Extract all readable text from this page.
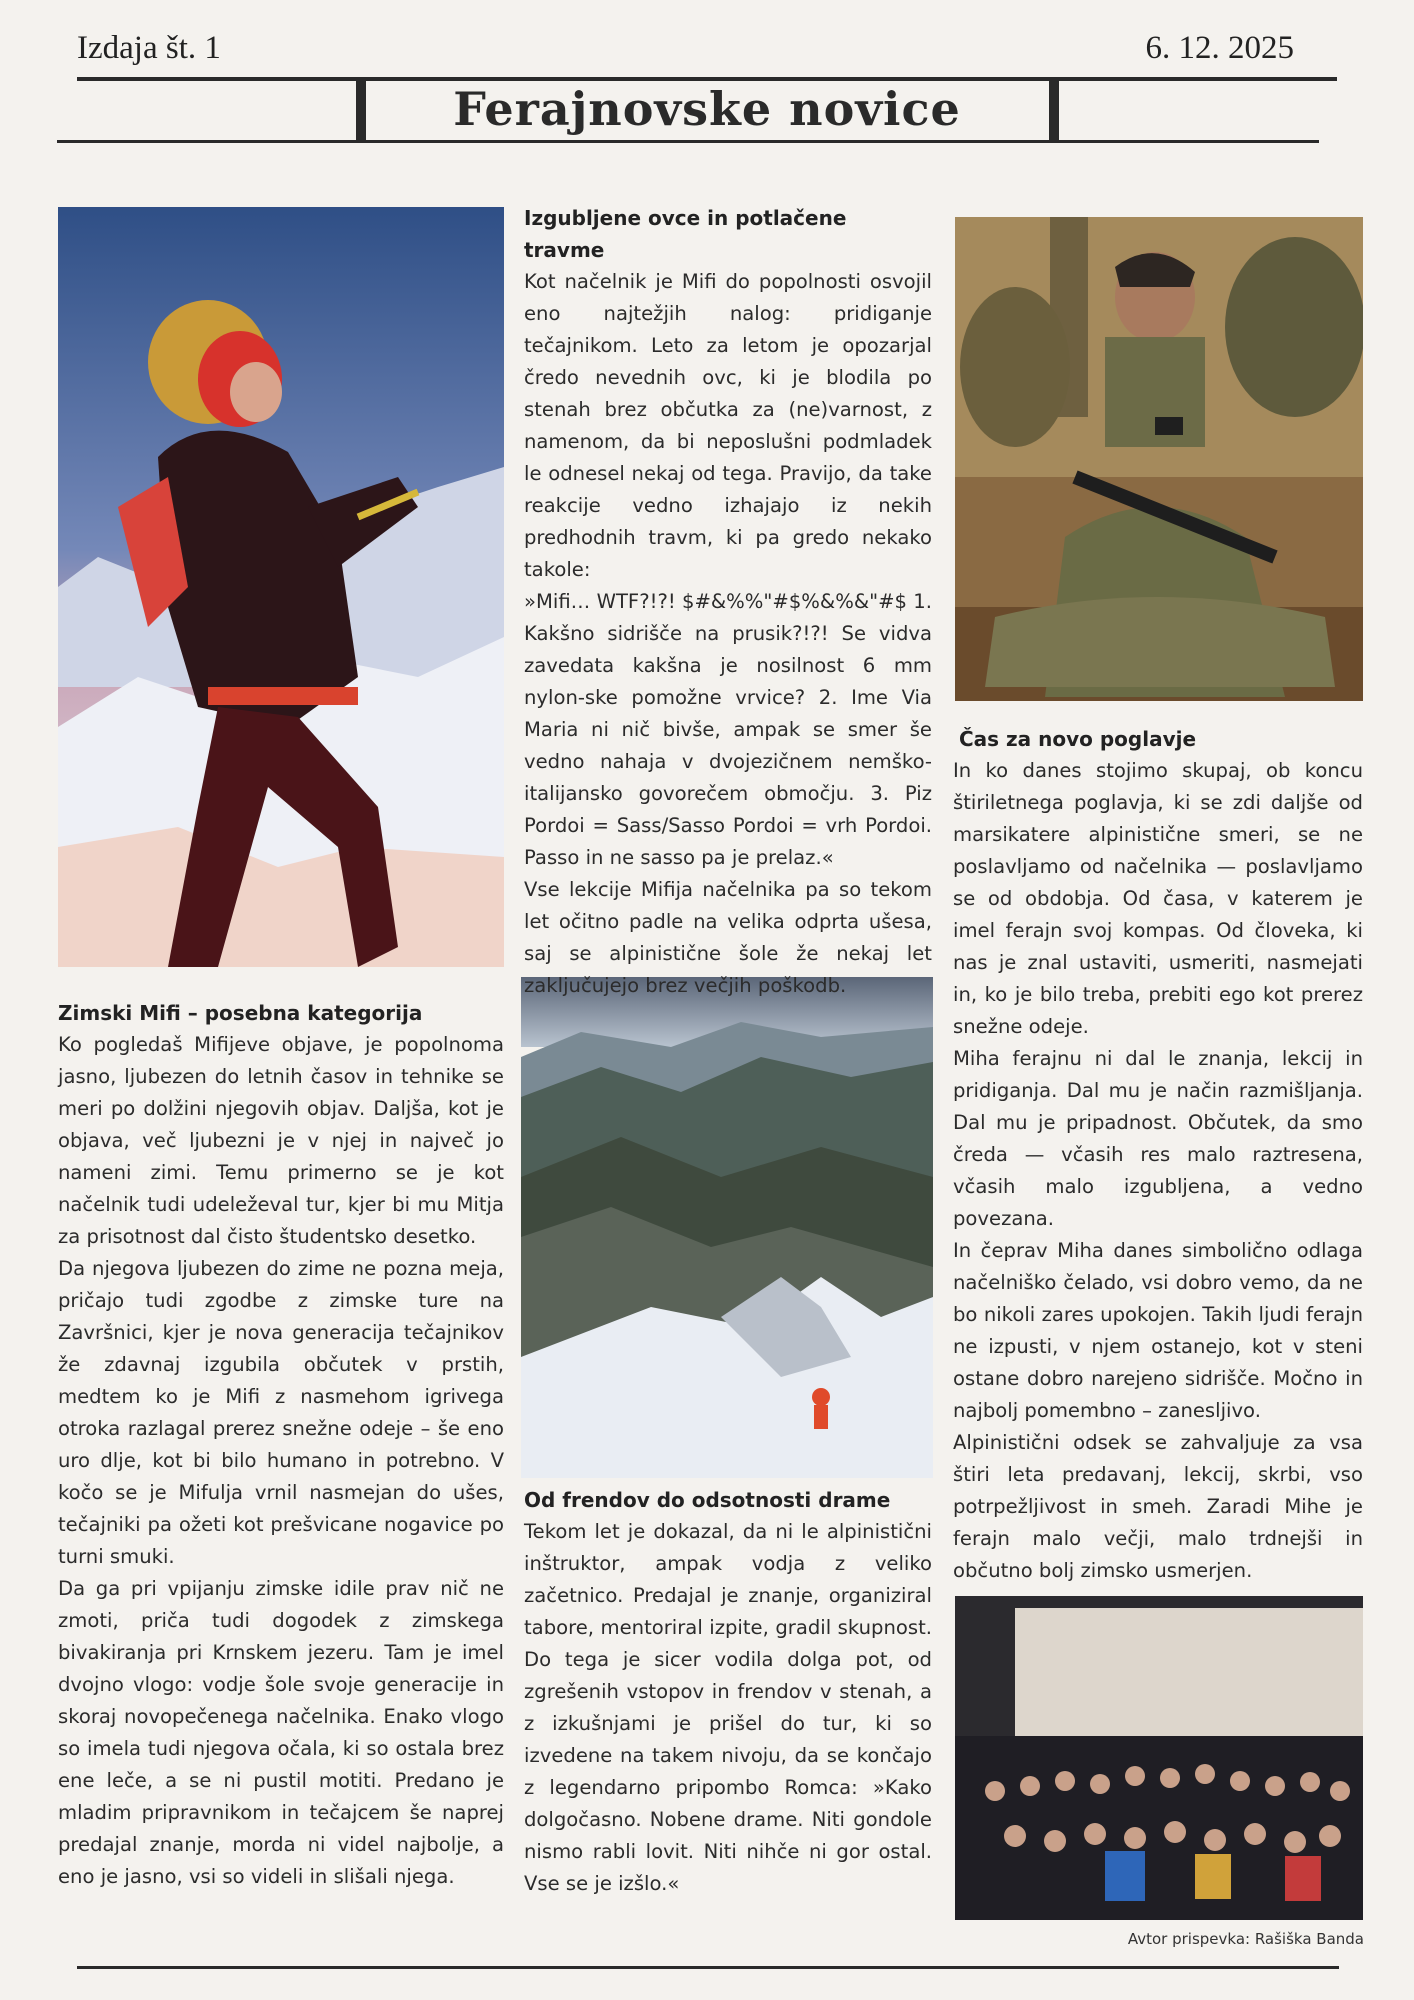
Izdaja št. 1	6. 12. 2025
Ferajnovske novice
Zimski Mifi – posebna kategorija

Ko pogledaš Mifijeve objave, je popolnoma jasno, ljubezen do letnih časov in tehnike se meri po dolžini njegovih objav. Daljša, kot je objava, več ljubezni je v njej in največ jo nameni zimi. Temu primerno se je kot načelnik tudi udeleževal tur, kjer bi mu Mitja za prisotnost dal čisto študentsko desetko.

Da njegova ljubezen do zime ne pozna meja, pričajo tudi zgodbe z zimske ture na Završnici, kjer je nova generacija tečajnikov že zdavnaj izgubila občutek v prstih, medtem ko je Mifi z nasmehom igrivega otroka razlagal prerez snežne odeje – še eno uro dlje, kot bi bilo humano in potrebno. V kočo se je Mifulja vrnil nasmejan do ušes, tečajniki pa ožeti kot prešvicane nogavice po turni smuki.

Da ga pri vpijanju zimske idile prav nič ne zmoti, priča tudi dogodek z zimskega bivakiranja pri Krnskem jezeru. Tam je imel dvojno vlogo: vodje šole svoje generacije in skoraj novopečenega načelnika. Enako vlogo so imela tudi njegova očala, ki so ostala brez ene leče, a se ni pustil motiti. Predano je mladim pripravnikom in tečajcem še naprej predajal znanje, morda ni videl najbolje, a eno je jasno, vsi so videli in slišali njega.

Izgubljene ovce in potlačene travme

Kot načelnik je Mifi do popolnosti osvojil eno najtežjih nalog: pridiganje tečajnikom. Leto za letom je opozarjal čredo nevednih ovc, ki je blodila po stenah brez občutka za (ne)varnost, z namenom, da bi neposlušni podmladek le odnesel nekaj od tega. Pravijo, da take reakcije vedno izhajajo iz nekih predhodnih travm, ki pa gredo nekako takole:

»Mifi… WTF?!?! $#&%%"#$%&%&"#$ 1. Kakšno sidrišče na prusik?!?! Se vidva zavedata kakšna je nosilnost 6 mm nylon-ske pomožne vrvice? 2. Ime Via Maria ni nič bivše, ampak se smer še vedno nahaja v dvojezičnem nemško-italijansko govorečem območju. 3. Piz Pordoi = Sass/Sasso Pordoi = vrh Pordoi. Passo in ne sasso pa je prelaz.«

Vse lekcije Mifija načelnika pa so tekom let očitno padle na velika odprta ušesa, saj se alpinistične šole že nekaj let zaključujejo brez večjih poškodb.

Od frendov do odsotnosti drame

Tekom let je dokazal, da ni le alpinistični inštruktor, ampak vodja z veliko začetnico. Predajal je znanje, organiziral tabore, mentoriral izpite, gradil skupnost. Do tega je sicer vodila dolga pot, od zgrešenih vstopov in frendov v stenah, a z izkušnjami je prišel do tur, ki so izvedene na takem nivoju, da se končajo z legendarno pripombo Romca: »Kako dolgočasno. Nobene drame. Niti gondole nismo rabli lovit. Niti nihče ni gor ostal. Vse se je izšlo.«

Čas za novo poglavje

In ko danes stojimo skupaj, ob koncu štiriletnega poglavja, ki se zdi daljše od marsikatere alpinistične smeri, se ne poslavljamo od načelnika — poslavljamo se od obdobja. Od časa, v katerem je imel ferajn svoj kompas. Od človeka, ki nas je znal ustaviti, usmeriti, nasmejati in, ko je bilo treba, prebiti ego kot prerez snežne odeje.

Miha ferajnu ni dal le znanja, lekcij in pridiganja. Dal mu je način razmišljanja. Dal mu je pripadnost. Občutek, da smo čreda — včasih res malo raztresena, včasih malo izgubljena, a vedno povezana.

In čeprav Miha danes simbolično odlaga načelniško čelado, vsi dobro vemo, da ne bo nikoli zares upokojen. Takih ljudi ferajn ne izpusti, v njem ostanejo, kot v steni ostane dobro narejeno sidrišče. Močno in najbolj pomembno – zanesljivo.

Alpinistični odsek se zahvaljuje za vsa štiri leta predavanj, lekcij, skrbi, vso potrpežljivost in smeh. Zaradi Mihe je ferajn malo večji, malo trdnejši in občutno bolj zimsko usmerjen.

Avtor prispevka: Rašiška Banda
